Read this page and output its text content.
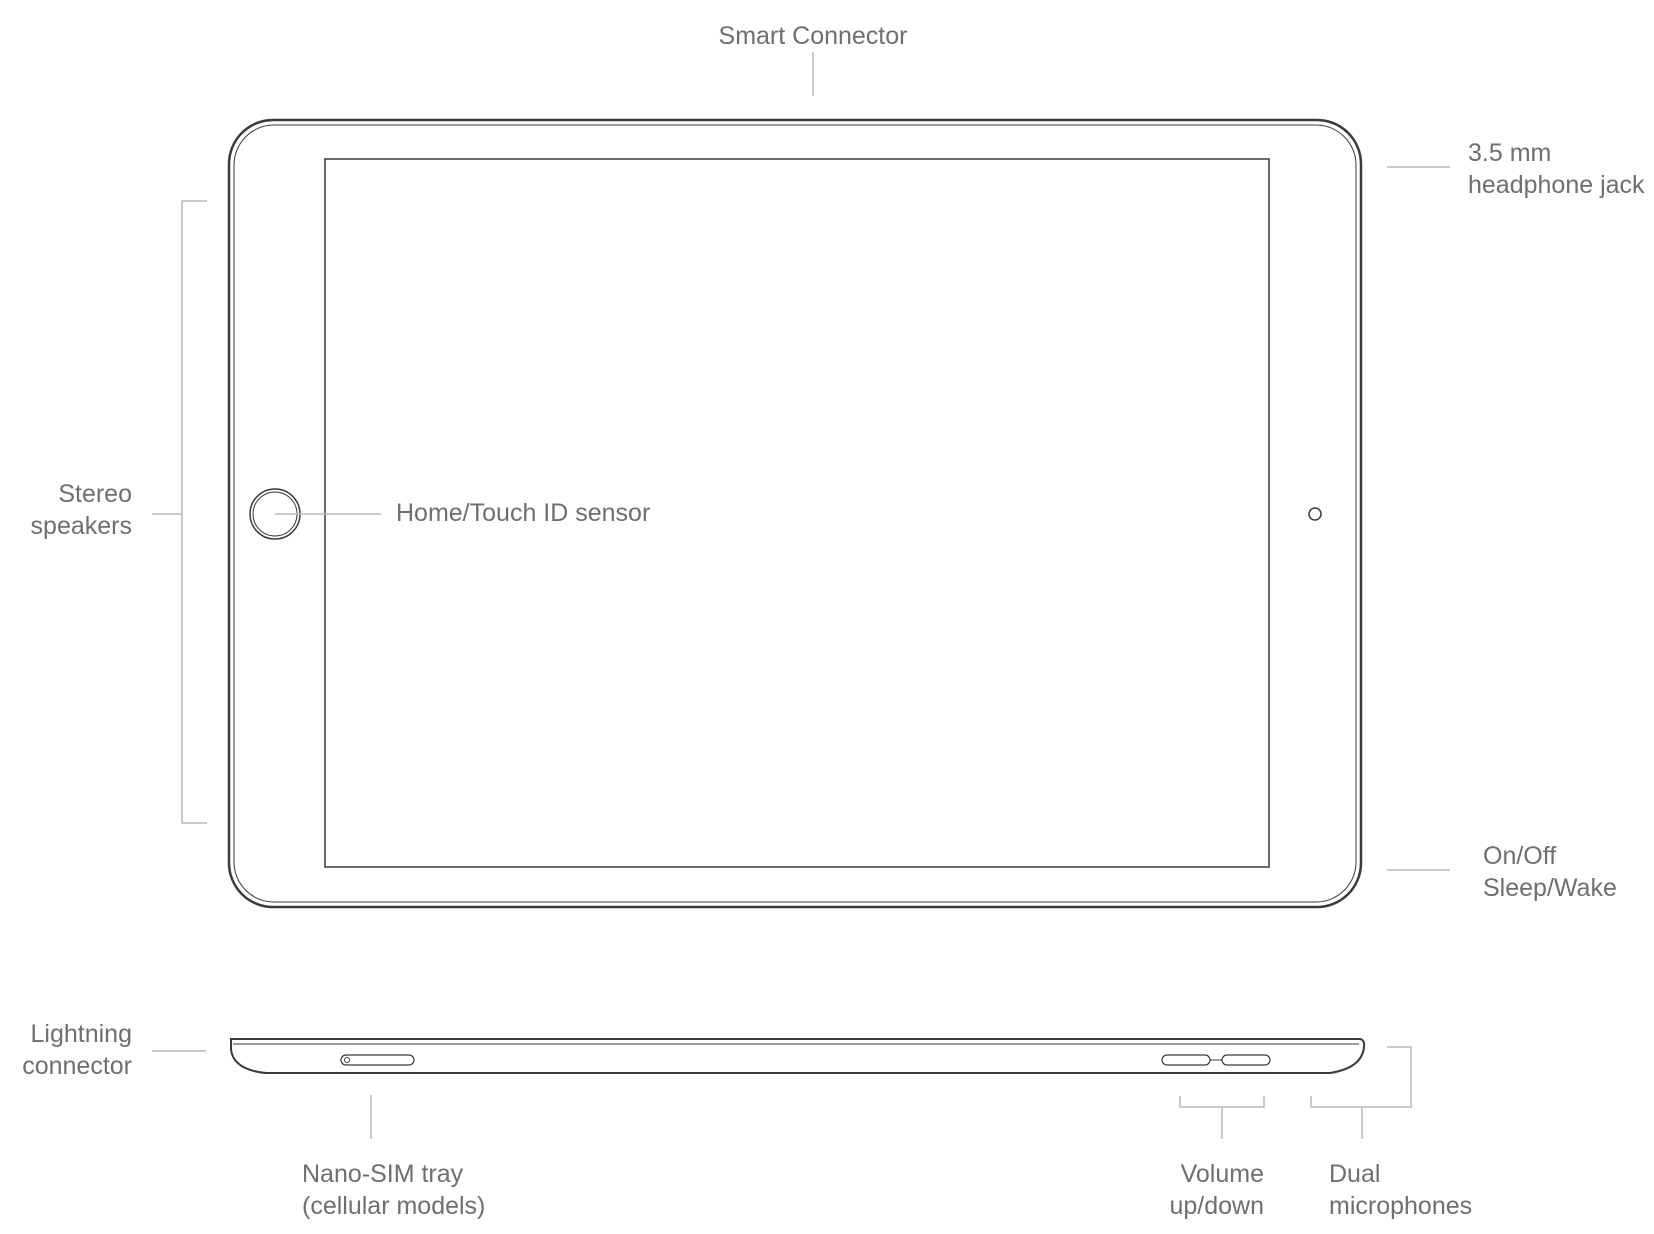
Smart Connector
3.5 mm
headphone jack
Stereo
speakers	Home/Touch ID sensor
On/Off
Sleep/Wake
Lightning
connector
Nano-SIM tray
(cellular models)
Volume
up/down
Dual
microphones
